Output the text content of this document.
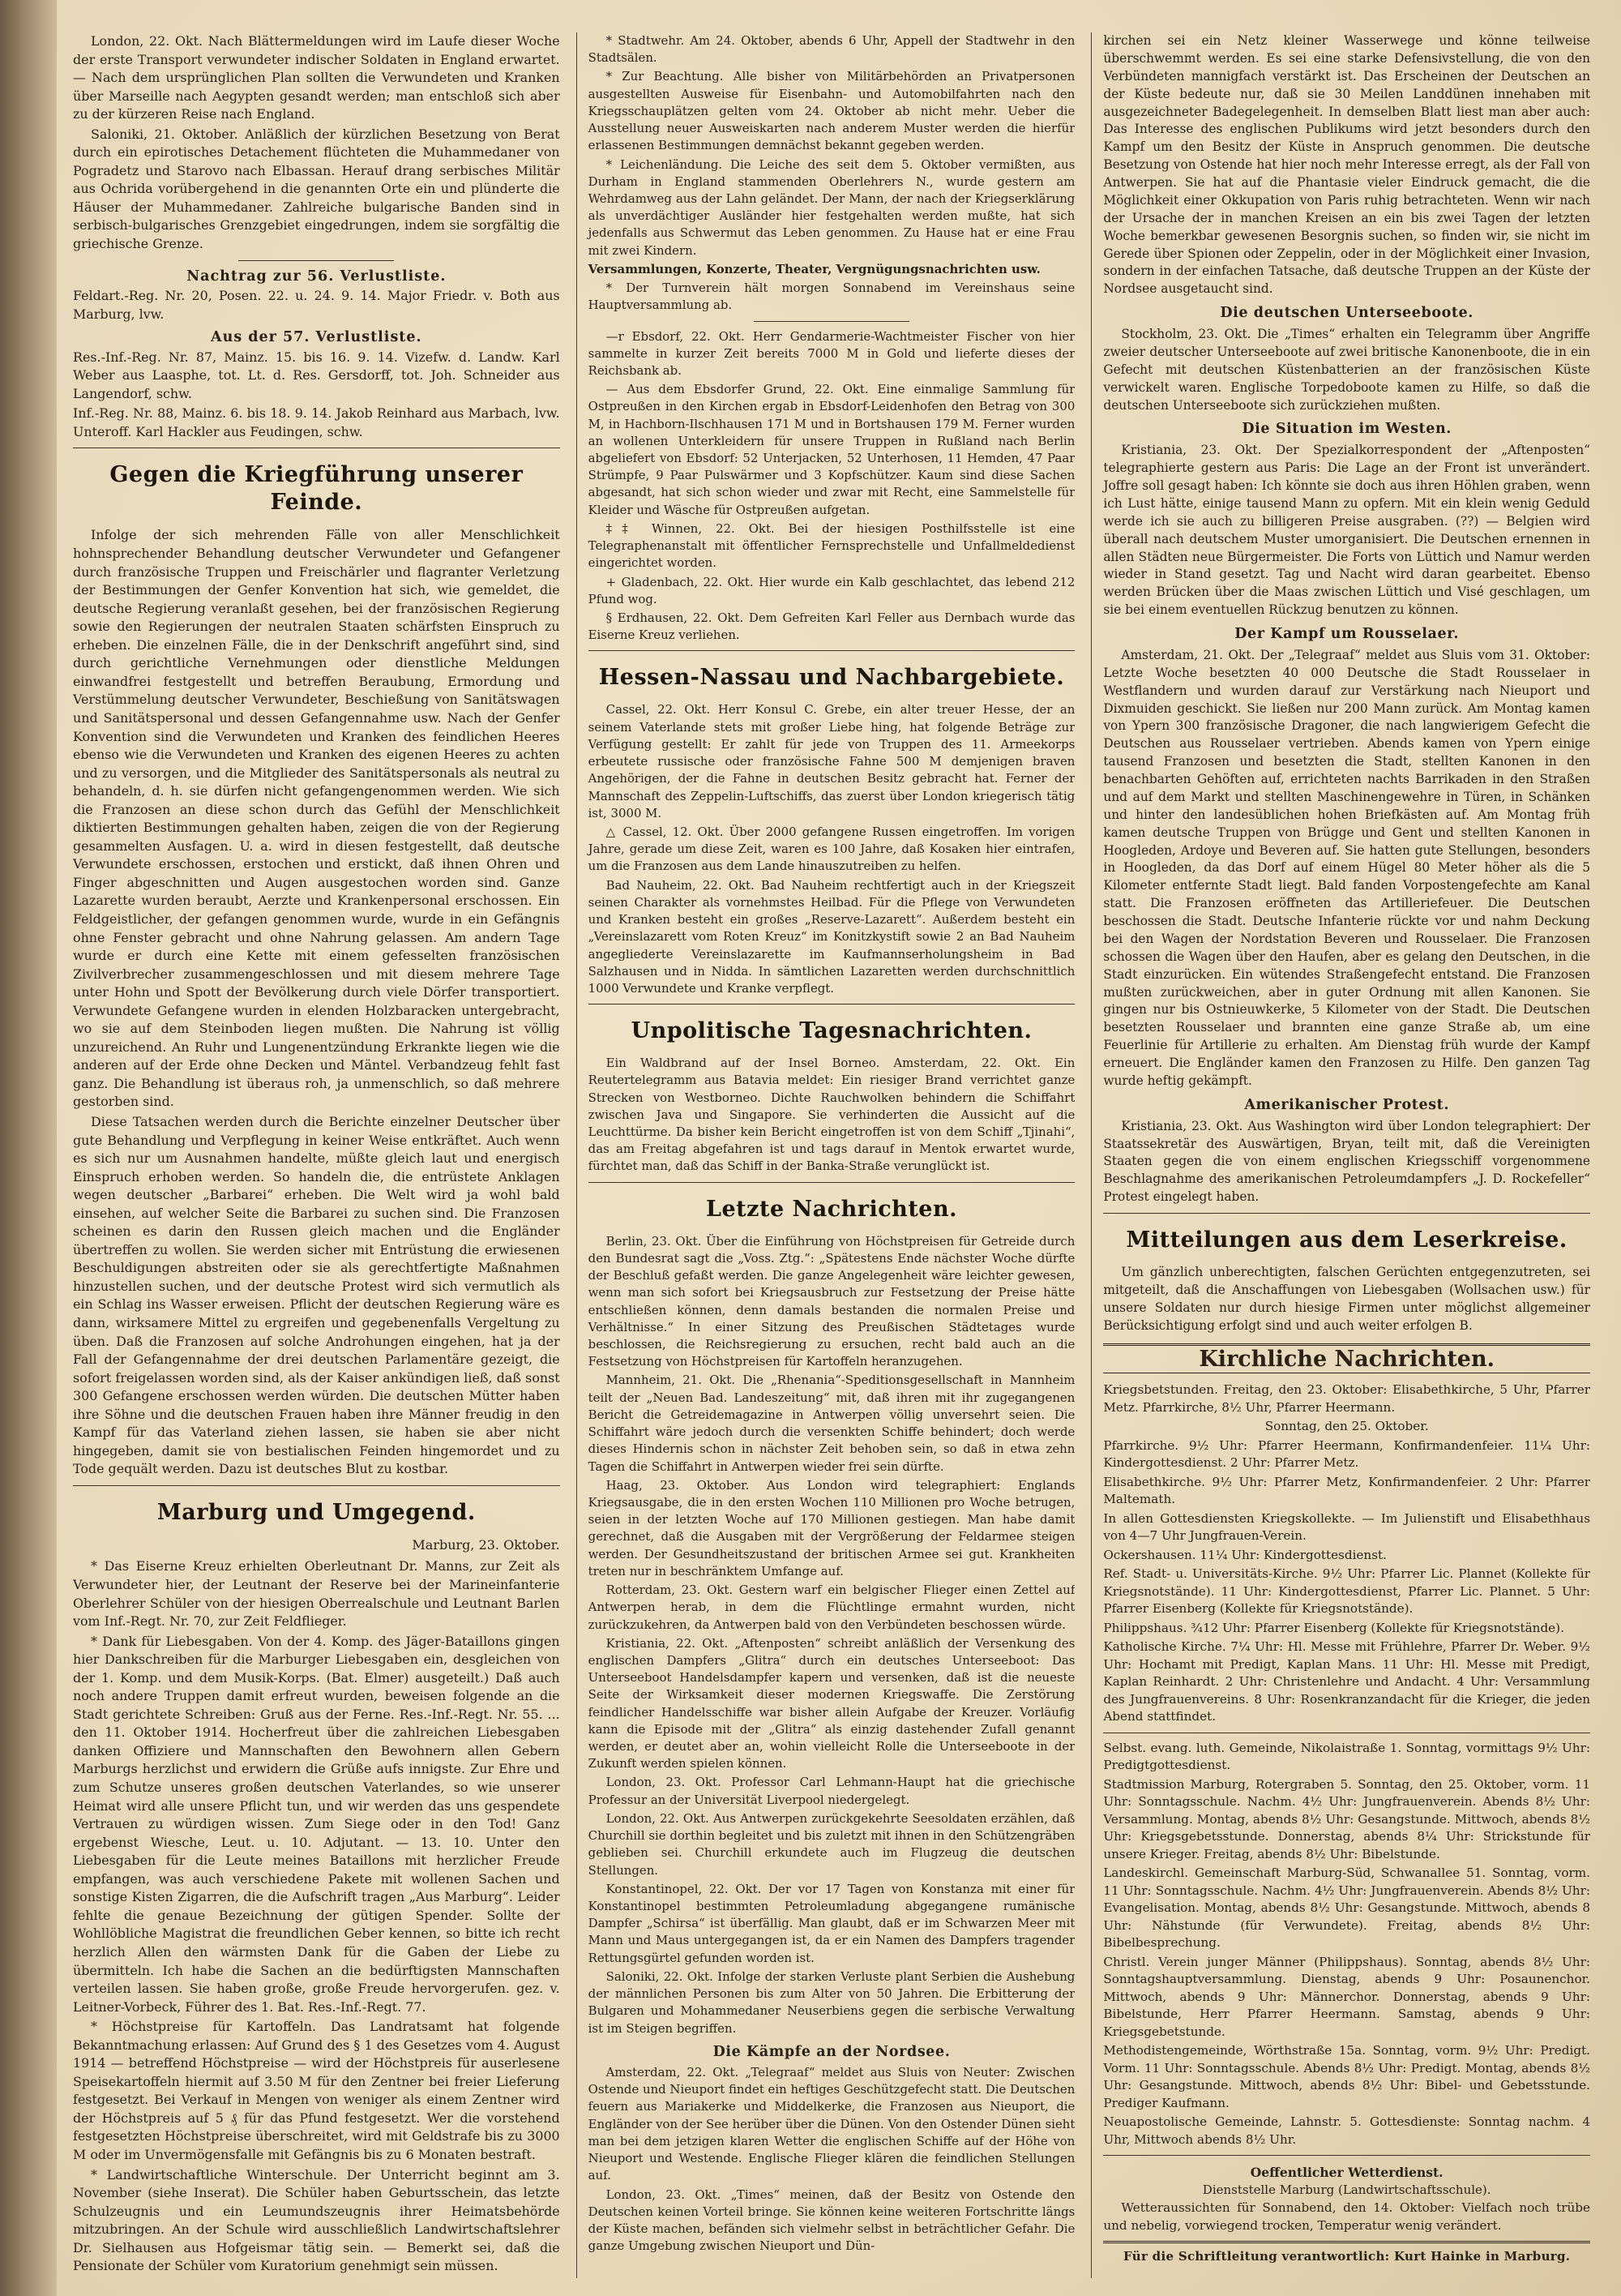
London, 22. Okt. Nach Blättermeldungen wird im Laufe dieser Woche der erste Transport verwundeter indischer Soldaten in England erwartet. — Nach dem ursprünglichen Plan sollten die Verwundeten und Kranken über Marseille nach Aegypten gesandt werden; man entschloß sich aber zu der kürzeren Reise nach England.

Saloniki, 21. Oktober. Anläßlich der kürzlichen Besetzung von Berat durch ein epirotisches Detachement flüchteten die Muhammedaner von Pogradetz und Starovo nach Elbassan. Herauf drang serbisches Militär aus Ochrida vorübergehend in die genannten Orte ein und plünderte die Häuser der Muhammedaner. Zahlreiche bulgarische Banden sind in serbisch-bulgarisches Grenzgebiet eingedrungen, indem sie sorgfältig die griechische Grenze.

Nachtrag zur 56. Verlustliste.

Feldart.-Reg. Nr. 20, Posen. 22. u. 24. 9. 14. Major Friedr. v. Both aus Marburg, lvw.

Aus der 57. Verlustliste.

Res.-Inf.-Reg. Nr. 87, Mainz. 15. bis 16. 9. 14. Vizefw. d. Landw. Karl Weber aus Laasphe, tot. Lt. d. Res. Gersdorff, tot. Joh. Schneider aus Langendorf, schw.

Inf.-Reg. Nr. 88, Mainz. 6. bis 18. 9. 14. Jakob Reinhard aus Marbach, lvw. Unteroff. Karl Hackler aus Feudingen, schw.

Gegen die Kriegführung unserer Feinde.

Infolge der sich mehrenden Fälle von aller Menschlichkeit hohnsprechender Behandlung deutscher Verwundeter und Gefangener durch französische Truppen und Freischärler und flagranter Verletzung der Bestimmungen der Genfer Konvention hat sich, wie gemeldet, die deutsche Regierung veranlaßt gesehen, bei der französischen Regierung sowie den Regierungen der neutralen Staaten schärfsten Einspruch zu erheben. Die einzelnen Fälle, die in der Denkschrift angeführt sind, sind durch gerichtliche Vernehmungen oder dienstliche Meldungen einwandfrei festgestellt und betreffen Beraubung, Ermordung und Verstümmelung deutscher Verwundeter, Beschießung von Sanitätswagen und Sanitätspersonal und dessen Gefangennahme usw. Nach der Genfer Konvention sind die Verwundeten und Kranken des feindlichen Heeres ebenso wie die Verwundeten und Kranken des eigenen Heeres zu achten und zu versorgen, und die Mitglieder des Sanitätspersonals als neutral zu behandeln, d. h. sie dürfen nicht gefangengenommen werden. Wie sich die Franzosen an diese schon durch das Gefühl der Menschlichkeit diktierten Bestimmungen gehalten haben, zeigen die von der Regierung gesammelten Ausfagen. U. a. wird in diesen festgestellt, daß deutsche Verwundete erschossen, erstochen und erstickt, daß ihnen Ohren und Finger abgeschnitten und Augen ausgestochen worden sind. Ganze Lazarette wurden beraubt, Aerzte und Krankenpersonal erschossen. Ein Feldgeistlicher, der gefangen genommen wurde, wurde in ein Gefängnis ohne Fenster gebracht und ohne Nahrung gelassen. Am andern Tage wurde er durch eine Kette mit einem gefesselten französischen Zivilverbrecher zusammengeschlossen und mit diesem mehrere Tage unter Hohn und Spott der Bevölkerung durch viele Dörfer transportiert. Verwundete Gefangene wurden in elenden Holzbaracken untergebracht, wo sie auf dem Steinboden liegen mußten. Die Nahrung ist völlig unzureichend. An Ruhr und Lungenentzündung Erkrankte liegen wie die anderen auf der Erde ohne Decken und Mäntel. Verbandzeug fehlt fast ganz. Die Behandlung ist überaus roh, ja unmenschlich, so daß mehrere gestorben sind.

Diese Tatsachen werden durch die Berichte einzelner Deutscher über gute Behandlung und Verpflegung in keiner Weise entkräftet. Auch wenn es sich nur um Ausnahmen handelte, müßte gleich laut und energisch Einspruch erhoben werden. So handeln die, die entrüstete Anklagen wegen deutscher „Barbarei“ erheben. Die Welt wird ja wohl bald einsehen, auf welcher Seite die Barbarei zu suchen sind. Die Franzosen scheinen es darin den Russen gleich machen und die Engländer übertreffen zu wollen. Sie werden sicher mit Entrüstung die erwiesenen Beschuldigungen abstreiten oder sie als gerechtfertigte Maßnahmen hinzustellen suchen, und der deutsche Protest wird sich vermutlich als ein Schlag ins Wasser erweisen. Pflicht der deutschen Regierung wäre es dann, wirksamere Mittel zu ergreifen und gegebenenfalls Vergeltung zu üben. Daß die Franzosen auf solche Androhungen eingehen, hat ja der Fall der Gefangennahme der drei deutschen Parlamentäre gezeigt, die sofort freigelassen worden sind, als der Kaiser ankündigen ließ, daß sonst 300 Gefangene erschossen werden würden. Die deutschen Mütter haben ihre Söhne und die deutschen Frauen haben ihre Männer freudig in den Kampf für das Vaterland ziehen lassen, sie haben sie aber nicht hingegeben, damit sie von bestialischen Feinden hingemordet und zu Tode gequält werden. Dazu ist deutsches Blut zu kostbar.

Marburg und Umgegend.
Marburg, 23. Oktober.

* Das Eiserne Kreuz erhielten Oberleutnant Dr. Manns, zur Zeit als Verwundeter hier, der Leutnant der Reserve bei der Marineinfanterie Oberlehrer Schüler von der hiesigen Oberrealschule und Leutnant Barlen vom Inf.-Regt. Nr. 70, zur Zeit Feldflieger.

* Dank für Liebesgaben. Von der 4. Komp. des Jäger-Bataillons gingen hier Dankschreiben für die Marburger Liebesgaben ein, desgleichen von der 1. Komp. und dem Musik-Korps. (Bat. Elmer) ausgeteilt.) Daß auch noch andere Truppen damit erfreut wurden, beweisen folgende an die Stadt gerichtete Schreiben: Gruß aus der Ferne. Res.-Inf.-Regt. Nr. 55. ... den 11. Oktober 1914. Hocherfreut über die zahlreichen Liebesgaben danken Offiziere und Mannschaften den Bewohnern allen Gebern Marburgs herzlichst und erwidern die Grüße aufs innigste. Zur Ehre und zum Schutze unseres großen deutschen Vaterlandes, so wie unserer Heimat wird alle unsere Pflicht tun, und wir werden das uns gespendete Vertrauen zu würdigen wissen. Zum Siege oder in den Tod! Ganz ergebenst Wiesche, Leut. u. 10. Adjutant. — 13. 10. Unter den Liebesgaben für die Leute meines Bataillons mit herzlicher Freude empfangen, was auch verschiedene Pakete mit wollenen Sachen und sonstige Kisten Zigarren, die die Aufschrift tragen „Aus Marburg“. Leider fehlte die genaue Bezeichnung der gütigen Spender. Sollte der Wohllöbliche Magistrat die freundlichen Geber kennen, so bitte ich recht herzlich Allen den wärmsten Dank für die Gaben der Liebe zu übermitteln. Ich habe die Sachen an die bedürftigsten Mannschaften verteilen lassen. Sie haben große, große Freude hervorgerufen. gez. v. Leitner-Vorbeck, Führer des 1. Bat. Res.-Inf.-Regt. 77.

* Höchstpreise für Kartoffeln. Das Landratsamt hat folgende Bekanntmachung erlassen: Auf Grund des § 1 des Gesetzes vom 4. August 1914 — betreffend Höchstpreise — wird der Höchstpreis für auserlesene Speisekartoffeln hiermit auf 3.50 M für den Zentner bei freier Lieferung festgesetzt. Bei Verkauf in Mengen von weniger als einem Zentner wird der Höchstpreis auf 5 ₰ für das Pfund festgesetzt. Wer die vorstehend festgesetzten Höchstpreise überschreitet, wird mit Geldstrafe bis zu 3000 M oder im Unvermögensfalle mit Gefängnis bis zu 6 Monaten bestraft.

* Landwirtschaftliche Winterschule. Der Unterricht beginnt am 3. November (siehe Inserat). Die Schüler haben Geburtsschein, das letzte Schulzeugnis und ein Leumundszeugnis ihrer Heimatsbehörde mitzubringen. An der Schule wird ausschließlich Landwirtschaftslehrer Dr. Sielhausen aus Hofgeismar tätig sein. — Bemerkt sei, daß die Pensionate der Schüler vom Kuratorium genehmigt sein müssen.

* Stadtwehr. Am 24. Oktober, abends 6 Uhr, Appell der Stadtwehr in den Stadtsälen.

* Zur Beachtung. Alle bisher von Militärbehörden an Privatpersonen ausgestellten Ausweise für Eisenbahn- und Automobilfahrten nach den Kriegsschauplätzen gelten vom 24. Oktober ab nicht mehr. Ueber die Ausstellung neuer Ausweiskarten nach anderem Muster werden die hierfür erlassenen Bestimmungen demnächst bekannt gegeben werden.

* Leichenländung. Die Leiche des seit dem 5. Oktober vermißten, aus Durham in England stammenden Oberlehrers N., wurde gestern am Wehrdamweg aus der Lahn geländet. Der Mann, der nach der Kriegserklärung als unverdächtiger Ausländer hier festgehalten werden mußte, hat sich jedenfalls aus Schwermut das Leben genommen. Zu Hause hat er eine Frau mit zwei Kindern.

Versammlungen, Konzerte, Theater, Vergnügungsnachrichten usw.

* Der Turnverein hält morgen Sonnabend im Vereinshaus seine Hauptversammlung ab.

—r Ebsdorf, 22. Okt. Herr Gendarmerie-Wachtmeister Fischer von hier sammelte in kurzer Zeit bereits 7000 M in Gold und lieferte dieses der Reichsbank ab.

— Aus dem Ebsdorfer Grund, 22. Okt. Eine einmalige Sammlung für Ostpreußen in den Kirchen ergab in Ebsdorf-Leidenhofen den Betrag von 300 M, in Hachborn-Ilschhausen 171 M und in Bortshausen 179 M. Ferner wurden an wollenen Unterkleidern für unsere Truppen in Rußland nach Berlin abgeliefert von Ebsdorf: 52 Unterjacken, 52 Unterhosen, 11 Hemden, 47 Paar Strümpfe, 9 Paar Pulswärmer und 3 Kopfschützer. Kaum sind diese Sachen abgesandt, hat sich schon wieder und zwar mit Recht, eine Sammelstelle für Kleider und Wäsche für Ostpreußen aufgetan.

‡‡ Winnen, 22. Okt. Bei der hiesigen Posthilfsstelle ist eine Telegraphenanstalt mit öffentlicher Fernsprechstelle und Unfallmeldedienst eingerichtet worden.

+ Gladenbach, 22. Okt. Hier wurde ein Kalb geschlachtet, das lebend 212 Pfund wog.

§ Erdhausen, 22. Okt. Dem Gefreiten Karl Feller aus Dernbach wurde das Eiserne Kreuz verliehen.

Hessen-Nassau und Nachbargebiete.

Cassel, 22. Okt. Herr Konsul C. Grebe, ein alter treuer Hesse, der an seinem Vaterlande stets mit großer Liebe hing, hat folgende Beträge zur Verfügung gestellt: Er zahlt für jede von Truppen des 11. Armeekorps erbeutete russische oder französische Fahne 500 M demjenigen braven Angehörigen, der die Fahne in deutschen Besitz gebracht hat. Ferner der Mannschaft des Zeppelin-Luftschiffs, das zuerst über London kriegerisch tätig ist, 3000 M.

△ Cassel, 12. Okt. Über 2000 gefangene Russen eingetroffen. Im vorigen Jahre, gerade um diese Zeit, waren es 100 Jahre, daß Kosaken hier eintrafen, um die Franzosen aus dem Lande hinauszutreiben zu helfen.

Bad Nauheim, 22. Okt. Bad Nauheim rechtfertigt auch in der Kriegszeit seinen Charakter als vornehmstes Heilbad. Für die Pflege von Verwundeten und Kranken besteht ein großes „Reserve-Lazarett“. Außerdem besteht ein „Vereinslazarett vom Roten Kreuz“ im Konitzkystift sowie 2 an Bad Nauheim angegliederte Vereinslazarette im Kaufmannserholungsheim in Bad Salzhausen und in Nidda. In sämtlichen Lazaretten werden durchschnittlich 1000 Verwundete und Kranke verpflegt.

Unpolitische Tagesnachrichten.

Ein Waldbrand auf der Insel Borneo. Amsterdam, 22. Okt. Ein Reutertelegramm aus Batavia meldet: Ein riesiger Brand verrichtet ganze Strecken von Westborneo. Dichte Rauchwolken behindern die Schiffahrt zwischen Java und Singapore. Sie verhinderten die Aussicht auf die Leuchttürme. Da bisher kein Bericht eingetroffen ist von dem Schiff „Tjinahi“, das am Freitag abgefahren ist und tags darauf in Mentok erwartet wurde, fürchtet man, daß das Schiff in der Banka-Straße verunglückt ist.

Letzte Nachrichten.

Berlin, 23. Okt. Über die Einführung von Höchstpreisen für Getreide durch den Bundesrat sagt die „Voss. Ztg.“: „Spätestens Ende nächster Woche dürfte der Beschluß gefaßt werden. Die ganze Angelegenheit wäre leichter gewesen, wenn man sich sofort bei Kriegsausbruch zur Festsetzung der Preise hätte entschließen können, denn damals bestanden die normalen Preise und Verhältnisse.“ In einer Sitzung des Preußischen Städtetages wurde beschlossen, die Reichsregierung zu ersuchen, recht bald auch an die Festsetzung von Höchstpreisen für Kartoffeln heranzugehen.

Mannheim, 21. Okt. Die „Rhenania“-Speditionsgesellschaft in Mannheim teilt der „Neuen Bad. Landeszeitung“ mit, daß ihren mit ihr zugegangenen Bericht die Getreidemagazine in Antwerpen völlig unversehrt seien. Die Schiffahrt wäre jedoch durch die versenkten Schiffe behindert; doch werde dieses Hindernis schon in nächster Zeit behoben sein, so daß in etwa zehn Tagen die Schiffahrt in Antwerpen wieder frei sein dürfte.

Haag, 23. Oktober. Aus London wird telegraphiert: Englands Kriegsausgabe, die in den ersten Wochen 110 Millionen pro Woche betrugen, seien in der letzten Woche auf 170 Millionen gestiegen. Man habe damit gerechnet, daß die Ausgaben mit der Vergrößerung der Feldarmee steigen werden. Der Gesundheitszustand der britischen Armee sei gut. Krankheiten treten nur in beschränktem Umfange auf.

Rotterdam, 23. Okt. Gestern warf ein belgischer Flieger einen Zettel auf Antwerpen herab, in dem die Flüchtlinge ermahnt wurden, nicht zurückzukehren, da Antwerpen bald von den Verbündeten beschossen würde.

Kristiania, 22. Okt. „Aftenposten“ schreibt anläßlich der Versenkung des englischen Dampfers „Glitra“ durch ein deutsches Unterseeboot: Das Unterseeboot Handelsdampfer kapern und versenken, daß ist die neueste Seite der Wirksamkeit dieser modernen Kriegswaffe. Die Zerstörung feindlicher Handelsschiffe war bisher allein Aufgabe der Kreuzer. Vorläufig kann die Episode mit der „Glitra“ als einzig dastehender Zufall genannt werden, er deutet aber an, wohin vielleicht Rolle die Unterseeboote in der Zukunft werden spielen können.

London, 23. Okt. Professor Carl Lehmann-Haupt hat die griechische Professur an der Universität Liverpool niedergelegt.

London, 22. Okt. Aus Antwerpen zurückgekehrte Seesoldaten erzählen, daß Churchill sie dorthin begleitet und bis zuletzt mit ihnen in den Schützengräben geblieben sei. Churchill erkundete auch im Flugzeug die deutschen Stellungen.

Konstantinopel, 22. Okt. Der vor 17 Tagen von Konstanza mit einer für Konstantinopel bestimmten Petroleumladung abgegangene rumänische Dampfer „Schirsa“ ist überfällig. Man glaubt, daß er im Schwarzen Meer mit Mann und Maus untergegangen ist, da er ein Namen des Dampfers tragender Rettungsgürtel gefunden worden ist.

Saloniki, 22. Okt. Infolge der starken Verluste plant Serbien die Aushebung der männlichen Personen bis zum Alter von 50 Jahren. Die Erbitterung der Bulgaren und Mohammedaner Neuserbiens gegen die serbische Verwaltung ist im Steigen begriffen.

Die Kämpfe an der Nordsee.

Amsterdam, 22. Okt. „Telegraaf“ meldet aus Sluis von Neuter: Zwischen Ostende und Nieuport findet ein heftiges Geschützgefecht statt. Die Deutschen feuern aus Mariakerke und Middelkerke, die Franzosen aus Nieuport, die Engländer von der See herüber über die Dünen. Von den Ostender Dünen sieht man bei dem jetzigen klaren Wetter die englischen Schiffe auf der Höhe von Nieuport und Westende. Englische Flieger klären die feindlichen Stellungen auf.

London, 23. Okt. „Times“ meinen, daß der Besitz von Ostende den Deutschen keinen Vorteil bringe. Sie können keine weiteren Fortschritte längs der Küste machen, befänden sich vielmehr selbst in beträchtlicher Gefahr. Die ganze Umgebung zwischen Nieuport und Dün-

kirchen sei ein Netz kleiner Wasserwege und könne teilweise überschwemmt werden. Es sei eine starke Defensivstellung, die von den Verbündeten mannigfach verstärkt ist. Das Erscheinen der Deutschen an der Küste bedeute nur, daß sie 30 Meilen Landdünen innehaben mit ausgezeichneter Badegelegenheit. In demselben Blatt liest man aber auch: Das Interesse des englischen Publikums wird jetzt besonders durch den Kampf um den Besitz der Küste in Anspruch genommen. Die deutsche Besetzung von Ostende hat hier noch mehr Interesse erregt, als der Fall von Antwerpen. Sie hat auf die Phantasie vieler Eindruck gemacht, die die Möglichkeit einer Okkupation von Paris ruhig betrachteten. Wenn wir nach der Ursache der in manchen Kreisen an ein bis zwei Tagen der letzten Woche bemerkbar gewesenen Besorgnis suchen, so finden wir, sie nicht im Gerede über Spionen oder Zeppelin, oder in der Möglichkeit einer Invasion, sondern in der einfachen Tatsache, daß deutsche Truppen an der Küste der Nordsee ausgetaucht sind.

Die deutschen Unterseeboote.

Stockholm, 23. Okt. Die „Times“ erhalten ein Telegramm über Angriffe zweier deutscher Unterseeboote auf zwei britische Kanonenboote, die in ein Gefecht mit deutschen Küstenbatterien an der französischen Küste verwickelt waren. Englische Torpedoboote kamen zu Hilfe, so daß die deutschen Unterseeboote sich zurückziehen mußten.

Die Situation im Westen.

Kristiania, 23. Okt. Der Spezialkorrespondent der „Aftenposten“ telegraphierte gestern aus Paris: Die Lage an der Front ist unverändert. Joffre soll gesagt haben: Ich könnte sie doch aus ihren Höhlen graben, wenn ich Lust hätte, einige tausend Mann zu opfern. Mit ein klein wenig Geduld werde ich sie auch zu billigeren Preise ausgraben. (??) — Belgien wird überall nach deutschem Muster umorganisiert. Die Deutschen ernennen in allen Städten neue Bürgermeister. Die Forts von Lüttich und Namur werden wieder in Stand gesetzt. Tag und Nacht wird daran gearbeitet. Ebenso werden Brücken über die Maas zwischen Lüttich und Visé geschlagen, um sie bei einem eventuellen Rückzug benutzen zu können.

Der Kampf um Rousselaer.

Amsterdam, 21. Okt. Der „Telegraaf“ meldet aus Sluis vom 31. Oktober: Letzte Woche besetzten 40 000 Deutsche die Stadt Rousselaer in Westflandern und wurden darauf zur Verstärkung nach Nieuport und Dixmuiden geschickt. Sie ließen nur 200 Mann zurück. Am Montag kamen von Ypern 300 französische Dragoner, die nach langwierigem Gefecht die Deutschen aus Rousselaer vertrieben. Abends kamen von Ypern einige tausend Franzosen und besetzten die Stadt, stellten Kanonen in den benachbarten Gehöften auf, errichteten nachts Barrikaden in den Straßen und auf dem Markt und stellten Maschinengewehre in Türen, in Schänken und hinter den landesüblichen hohen Briefkästen auf. Am Montag früh kamen deutsche Truppen von Brügge und Gent und stellten Kanonen in Hoogleden, Ardoye und Beveren auf. Sie hatten gute Stellungen, besonders in Hoogleden, da das Dorf auf einem Hügel 80 Meter höher als die 5 Kilometer entfernte Stadt liegt. Bald fanden Vorpostengefechte am Kanal statt. Die Franzosen eröffneten das Artilleriefeuer. Die Deutschen beschossen die Stadt. Deutsche Infanterie rückte vor und nahm Deckung bei den Wagen der Nordstation Beveren und Rousselaer. Die Franzosen schossen die Wagen über den Haufen, aber es gelang den Deutschen, in die Stadt einzurücken. Ein wütendes Straßengefecht entstand. Die Franzosen mußten zurückweichen, aber in guter Ordnung mit allen Kanonen. Sie gingen nur bis Ostnieuwkerke, 5 Kilometer von der Stadt. Die Deutschen besetzten Rousselaer und brannten eine ganze Straße ab, um eine Feuerlinie für Artillerie zu erhalten. Am Dienstag früh wurde der Kampf erneuert. Die Engländer kamen den Franzosen zu Hilfe. Den ganzen Tag wurde heftig gekämpft.

Amerikanischer Protest.

Kristiania, 23. Okt. Aus Washington wird über London telegraphiert: Der Staatssekretär des Auswärtigen, Bryan, teilt mit, daß die Vereinigten Staaten gegen die von einem englischen Kriegsschiff vorgenommene Beschlagnahme des amerikanischen Petroleumdampfers „J. D. Rockefeller“ Protest eingelegt haben.

Mitteilungen aus dem Leserkreise.

Um gänzlich unberechtigten, falschen Gerüchten entgegenzutreten, sei mitgeteilt, daß die Anschaffungen von Liebesgaben (Wollsachen usw.) für unsere Soldaten nur durch hiesige Firmen unter möglichst allgemeiner Berücksichtigung erfolgt sind und auch weiter erfolgen B.

Kirchliche Nachrichten.

Kriegsbetstunden. Freitag, den 23. Oktober: Elisabethkirche, 5 Uhr, Pfarrer Metz. Pfarrkirche, 8½ Uhr, Pfarrer Heermann.

Sonntag, den 25. Oktober.

Pfarrkirche. 9½ Uhr: Pfarrer Heermann, Konfirmandenfeier. 11¼ Uhr: Kindergottesdienst. 2 Uhr: Pfarrer Metz.

Elisabethkirche. 9½ Uhr: Pfarrer Metz, Konfirmandenfeier. 2 Uhr: Pfarrer Maltemath.

In allen Gottesdiensten Kriegskollekte. — Im Julienstift und Elisabethhaus von 4—7 Uhr Jungfrauen-Verein.

Ockershausen. 11¼ Uhr: Kindergottesdienst.

Ref. Stadt- u. Universitäts-Kirche. 9½ Uhr: Pfarrer Lic. Plannet (Kollekte für Kriegsnotstände). 11 Uhr: Kindergottesdienst, Pfarrer Lic. Plannet. 5 Uhr: Pfarrer Eisenberg (Kollekte für Kriegsnotstände).

Philippshaus. ¾12 Uhr: Pfarrer Eisenberg (Kollekte für Kriegsnotstände).

Katholische Kirche. 7¼ Uhr: Hl. Messe mit Frühlehre, Pfarrer Dr. Weber. 9½ Uhr: Hochamt mit Predigt, Kaplan Mans. 11 Uhr: Hl. Messe mit Predigt, Kaplan Reinhardt. 2 Uhr: Christenlehre und Andacht. 4 Uhr: Versammlung des Jungfrauenvereins. 8 Uhr: Rosenkranzandacht für die Krieger, die jeden Abend stattfindet.

Selbst. evang. luth. Gemeinde, Nikolaistraße 1. Sonntag, vormittags 9½ Uhr: Predigtgottesdienst.

Stadtmission Marburg, Rotergraben 5. Sonntag, den 25. Oktober, vorm. 11 Uhr: Sonntagsschule. Nachm. 4½ Uhr: Jungfrauenverein. Abends 8½ Uhr: Versammlung. Montag, abends 8½ Uhr: Gesangstunde. Mittwoch, abends 8½ Uhr: Kriegsgebetsstunde. Donnerstag, abends 8¼ Uhr: Strickstunde für unsere Krieger. Freitag, abends 8½ Uhr: Bibelstunde.

Landeskirchl. Gemeinschaft Marburg-Süd, Schwanallee 51. Sonntag, vorm. 11 Uhr: Sonntagsschule. Nachm. 4½ Uhr: Jungfrauenverein. Abends 8½ Uhr: Evangelisation. Montag, abends 8½ Uhr: Gesangstunde. Mittwoch, abends 8 Uhr: Nähstunde (für Verwundete). Freitag, abends 8½ Uhr: Bibelbesprechung.

Christl. Verein junger Männer (Philippshaus). Sonntag, abends 8½ Uhr: Sonntagshauptversammlung. Dienstag, abends 9 Uhr: Posaunenchor. Mittwoch, abends 9 Uhr: Männerchor. Donnerstag, abends 9 Uhr: Bibelstunde, Herr Pfarrer Heermann. Samstag, abends 9 Uhr: Kriegsgebetstunde.

Methodistengemeinde, Wörthstraße 15a. Sonntag, vorm. 9½ Uhr: Predigt. Vorm. 11 Uhr: Sonntagsschule. Abends 8½ Uhr: Predigt. Montag, abends 8½ Uhr: Gesangstunde. Mittwoch, abends 8½ Uhr: Bibel- und Gebetsstunde. Prediger Kaufmann.

Neuapostolische Gemeinde, Lahnstr. 5. Gottesdienste: Sonntag nachm. 4 Uhr, Mittwoch abends 8½ Uhr.

Oeffentlicher Wetterdienst.
Dienststelle Marburg (Landwirtschaftsschule).

Wetteraussichten für Sonnabend, den 14. Oktober: Vielfach noch trübe und nebelig, vorwiegend trocken, Temperatur wenig verändert.

Für die Schriftleitung verantwortlich: Kurt Hainke in Marburg.
